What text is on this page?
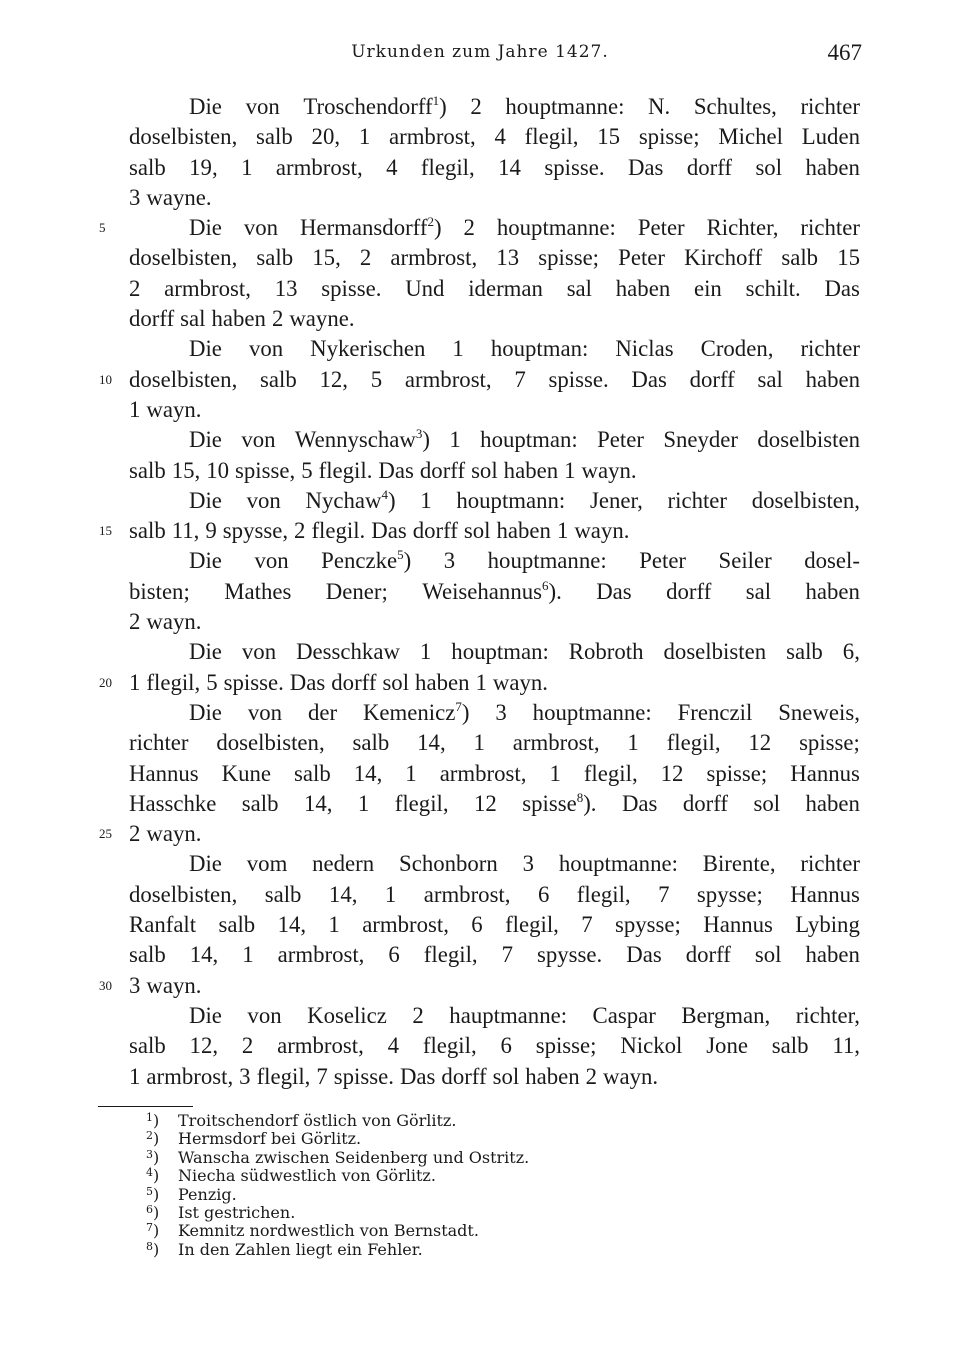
Urkunden zum Jahre 1427.	467
Die von Troschendorff$^1$) 2 houptmanne: N. Schultes, richter
doselbisten, salb 20, 1 armbrost, 4 flegil, 15 spisse; Michel Luden
salb 19, 1 armbrost, 4 flegil, 14 spisse. Das dorff sol haben
3 wayne.
5	Die von Hermansdorff$^2$) 2 houptmanne: Peter Richter, richter
doselbisten, salb 15, 2 armbrost, 13 spisse; Peter Kirchoff salb 15
2 armbrost, 13 spisse. Und iderman sal haben ein schilt. Das
dorff sal haben 2 wayne.
Die von Nykerischen 1 houptman: Niclas Croden, richter
10 doselbisten, salb 12, 5 armbrost, 7 spisse. Das dorff sal haben
1 wayn.
Die von Wennyschaw$^3$) 1 houptman: Peter Sneyder doselbisten
salb 15, 10 spisse, 5 flegil. Das dorff sol haben 1 wayn.
Die von Nychaw$^4$) 1 houptmann: Jener, richter doselbisten,
15 salb 11, 9 spysse, 2 flegil. Das dorff sol haben 1 wayn.
Die von Penczke$^5$) 3 houptmanne: Peter Seiler dosel-
bisten; Mathes Dener; Weisehannus$^6$). Das dorff sal haben
2 wayn.
Die von Desschkaw 1 houptman: Robroth doselbisten salb 6,
20 1 flegil, 5 spisse. Das dorff sol haben 1 wayn.
Die von der Kemenicz$^7$) 3 houptmanne: Frenczil Sneweis,
richter doselbisten, salb 14, 1 armbrost, 1 flegil, 12 spisse;
Hannus Kune salb 14, 1 armbrost, 1 flegil, 12 spisse; Hannus
Hasschke salb 14, 1 flegil, 12 spisse$^8$). Das dorff sol haben
25 2 wayn.
Die vom nedern Schonborn 3 houptmanne: Birente, richter
doselbisten, salb 14, 1 armbrost, 6 flegil, 7 spysse; Hannus
Ranfalt salb 14, 1 armbrost, 6 flegil, 7 spysse; Hannus Lybing
salb 14, 1 armbrost, 6 flegil, 7 spysse. Das dorff sol haben
30 3 wayn.
Die von Koselicz 2 hauptmanne: Caspar Bergman, richter,
salb 12, 2 armbrost, 4 flegil, 6 spisse; Nickol Jone salb 11,
1 armbrost, 3 flegil, 7 spisse. Das dorff sol haben 2 wayn.
$^1$) Troitschendorf östlich von Görlitz.
$^2$) Hermsdorf bei Görlitz.
$^3$) Wanscha zwischen Seidenberg und Ostritz.
$^4$) Niecha südwestlich von Görlitz.
$^5$) Penzig.
$^6$) Ist gestrichen.
$^7$) Kemnitz nordwestlich von Bernstadt.
$^8$) In den Zahlen liegt ein Fehler.
